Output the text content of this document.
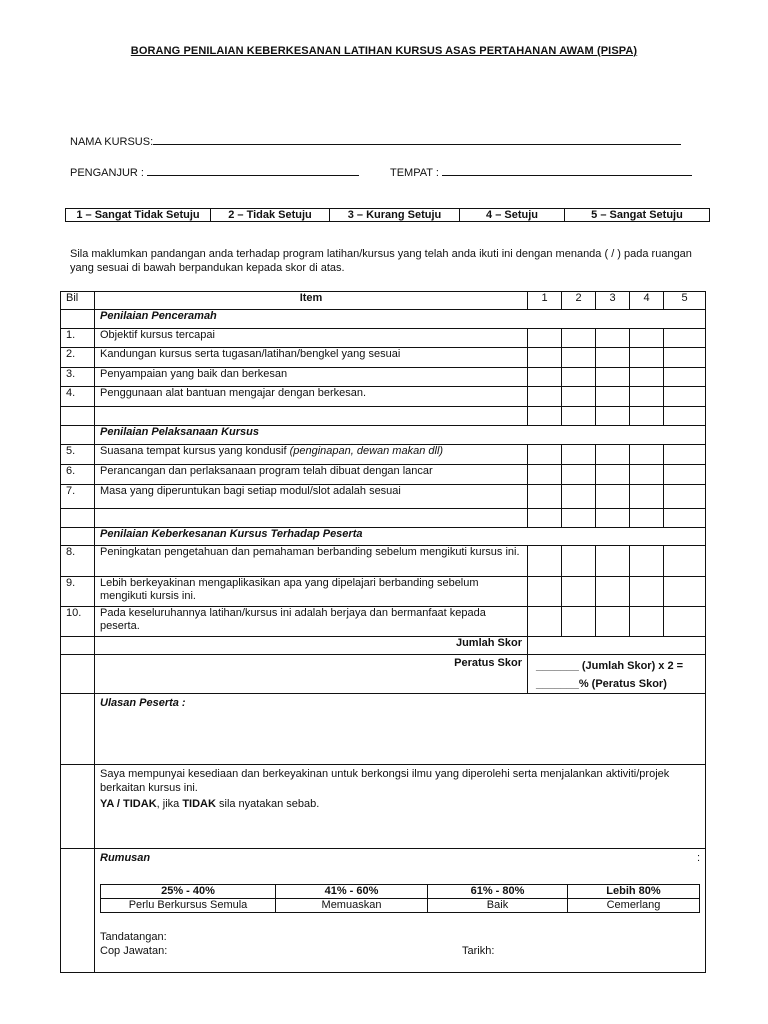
BORANG PENILAIAN KEBERKESANAN LATIHAN KURSUS ASAS PERTAHANAN AWAM (PISPA)
NAMA KURSUS:
PENGANJUR :	TEMPAT :
1 – Sangat Tidak Setuju	2 – Tidak Setuju	3 – Kurang Setuju	4 – Setuju	5 – Sangat Setuju
Sila maklumkan pandangan anda terhadap program latihan/kursus yang telah anda ikuti ini dengan menanda ( / ) pada ruangan yang sesuai di bawah berpandukan kepada skor di atas.
Bil	Item	1	2	3	4	5
	Penilaian Penceramah
1.	Objektif kursus tercapai					
2.	Kandungan kursus serta tugasan/latihan/bengkel yang sesuai					
3.	Penyampaian yang baik dan berkesan					
4.	Penggunaan alat bantuan mengajar dengan berkesan.					

	Penilaian Pelaksanaan Kursus
5.	Suasana tempat kursus yang kondusif (penginapan, dewan makan dll)					
6.	Perancangan dan perlaksanaan program telah dibuat dengan lancar					
7.	Masa yang diperuntukan bagi setiap modul/slot adalah sesuai					

	Penilaian Keberkesanan Kursus Terhadap Peserta
8.	Peningkatan pengetahuan dan pemahaman berbanding sebelum mengikuti kursus ini.					
9.	Lebih berkeyakinan mengaplikasikan apa yang dipelajari berbanding sebelum mengikuti kursis ini.					
10.	Pada keseluruhannya latihan/kursus ini adalah berjaya dan bermanfaat kepada peserta.					
	Jumlah Skor	
	Peratus Skor	_______ (Jumlah Skor) x 2 =
_______% (Peratus Skor)

	Ulasan Peserta :

Saya mempunyai kesediaan dan berkeyakinan untuk berkongsi ilmu yang diperolehi serta menjalankan aktiviti/projek berkaitan kursus ini.
YA / TIDAK, jika TIDAK sila nyatakan sebab.

Rumusan	:
25% - 40%	41% - 60%	61% - 80%	Lebih 80%
Perlu Berkursus Semula	Memuaskan	Baik	Cemerlang
Tandatangan:
Cop Jawatan:	Tarikh:
